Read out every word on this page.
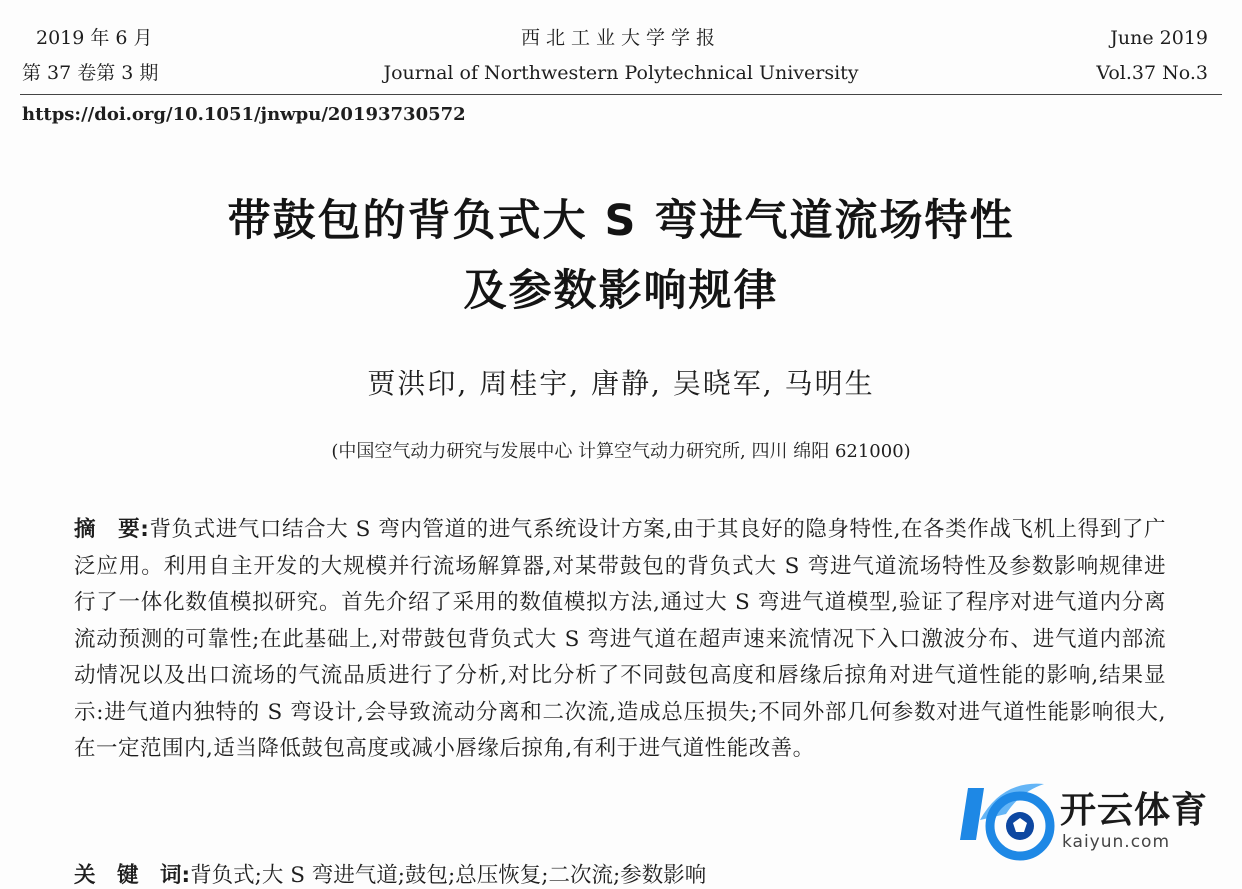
2019 年 6 月
第 37 卷第 3 期
西北工业大学学报
Journal of Northwestern Polytechnical University
June 2019
Vol.37 No.3
https://doi.org/10.1051/jnwpu/20193730572
带鼓包的背负式大 S 弯进气道流场特性
及参数影响规律
贾洪印, 周桂宇, 唐静, 吴晓军, 马明生
(中国空气动力研究与发展中心 计算空气动力研究所, 四川 绵阳 621000)
摘　要:背负式进气口结合大 S 弯内管道的进气系统设计方案,由于其良好的隐身特性,在各类作战飞机上得到了广泛应用。利用自主开发的大规模并行流场解算器,对某带鼓包的背负式大 S 弯进气道流场特性及参数影响规律进行了一体化数值模拟研究。首先介绍了采用的数值模拟方法,通过大 S 弯进气道模型,验证了程序对进气道内分离流动预测的可靠性;在此基础上,对带鼓包背负式大 S 弯进气道在超声速来流情况下入口激波分布、进气道内部流动情况以及出口流场的气流品质进行了分析,对比分析了不同鼓包高度和唇缘后掠角对进气道性能的影响,结果显示:进气道内独特的 S 弯设计,会导致流动分离和二次流,造成总压损失;不同外部几何参数对进气道性能影响很大,在一定范围内,适当降低鼓包高度或减小唇缘后掠角,有利于进气道性能改善。
关　键　词:背负式;大 S 弯进气道;鼓包;总压恢复;二次流;参数影响
开云体育
kaiyun.com
